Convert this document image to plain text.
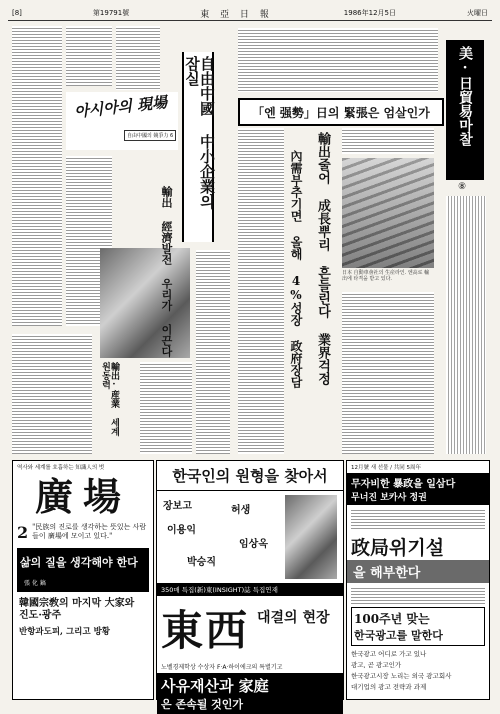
[8]	第19791號	東 亞 日 報	1986年12月5日	火曜日
아시아의 現場
自由中國의 競爭力 6	自由中國 中小企業의 잠실
輸出 經濟발전 우리가 이끈다
輸出·産業 세계 원동력
「엔 强勢」日의 緊張은 엄살인가
輸出줄어 成長뿌리 흔들린다 業界걱정
內需부추기면 올해 4%성장 政府장담	日本 自動車會社의 生産라인. 엔高로 輸出에 타격을 받고 있다.
美·日貿易마찰
⑧
역사와 세계를 호흡하는 知識人의 벗
廣場
2 "民族의 진로를 생각하는 뜻있는 사람들이 廣場에 모이고 있다."
삶의 질을 생각해야 한다 張 化 鎬
韓國宗敎의 마지막 大家와 진도·광주
반항과도피, 그리고 방황
한국인의 원형을 찾아서
장보고	허생
이용익
임상옥
박승직
350매 특집(新)東(INSIGHT)誌 특집연재
東西 대결의 현장
노벨경제학상 수상자 F·A·하이에크의 특별기고
사유재산과 家庭
은 존속될 것인가
12月號 새 선물 / 共同 5周年
무자비한 暴政을 일삼다
무너진 보카사 정권
政局위기설
을 해부한다
100주년 맞는
한국광고를 말한다
한국광고 어디로 가고 있나
광고, 곧 광고인가
한국광고시장 노리는 외국 광고회사
대기업의 광고 전략과 과제
